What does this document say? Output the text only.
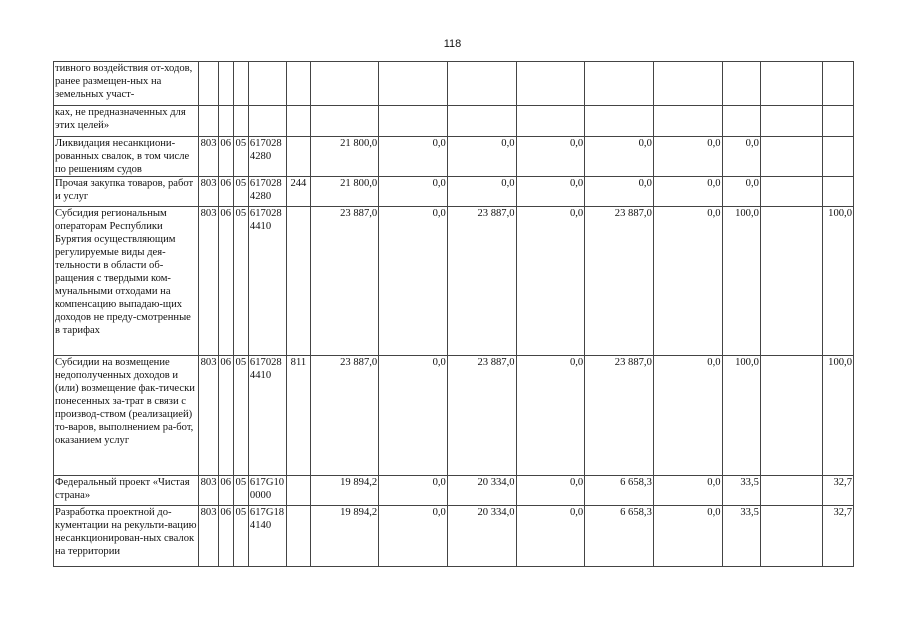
118
тивного воздействия от-ходов, ранее размещен-ных на земельных участ-														
ках, не предназначенных для этих целей»														
Ликвидация несанкциони-рованных свалок, в том числе по решениям судов	803	06	05	6170284280		21 800,0	0,0	0,0	0,0	0,0	0,0	0,0		
Прочая закупка товаров, работ и услуг	803	06	05	6170284280	244	21 800,0	0,0	0,0	0,0	0,0	0,0	0,0		
Субсидия региональным операторам Республики Бурятия осуществляющим регулируемые виды дея-тельности в области об-ращения с твердыми ком-мунальными отходами на компенсацию выпадаю-щих доходов не преду-смотренные в тарифах	803	06	05	6170284410		23 887,0	0,0	23 887,0	0,0	23 887,0	0,0	100,0		100,0
Субсидии на возмещение недополученных доходов и (или) возмещение фак-тически понесенных за-трат в связи с производ-ством (реализацией) то-варов, выполнением ра-бот, оказанием услуг	803	06	05	6170284410	811	23 887,0	0,0	23 887,0	0,0	23 887,0	0,0	100,0		100,0
Федеральный проект «Чистая страна»	803	06	05	617G100000		19 894,2	0,0	20 334,0	0,0	6 658,3	0,0	33,5		32,7
Разработка проектной до-кументации на рекульти-вацию несанкционирован-ных свалок на территории	803	06	05	617G184140		19 894,2	0,0	20 334,0	0,0	6 658,3	0,0	33,5		32,7
